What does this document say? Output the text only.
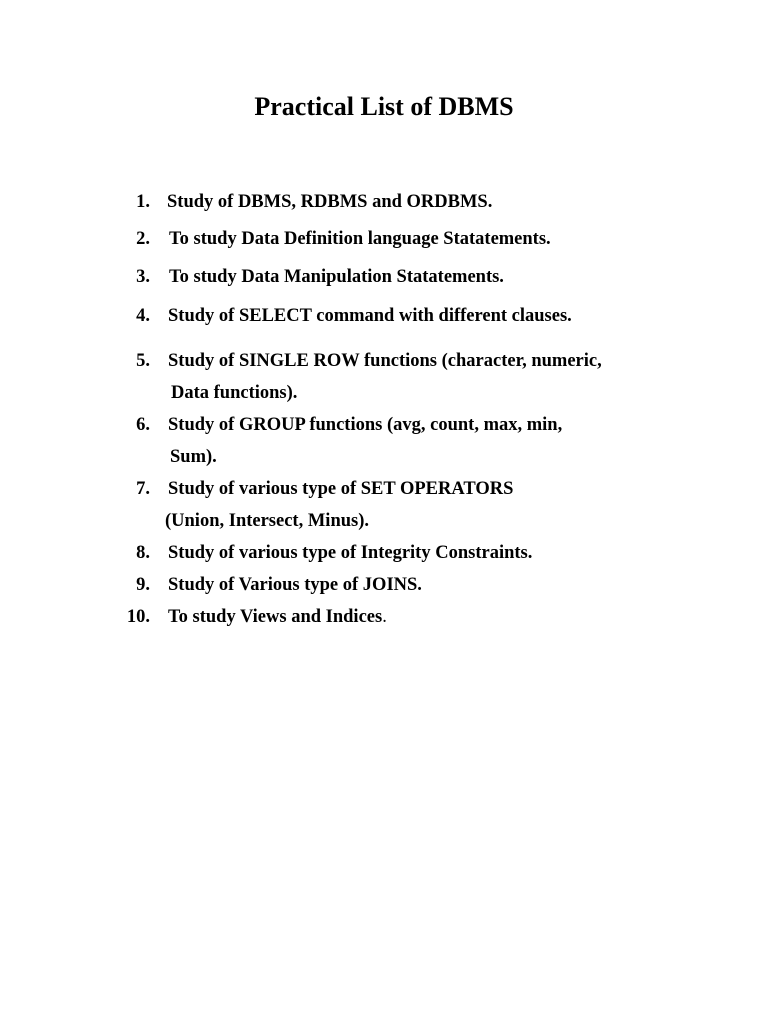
Practical List of DBMS
1. Study of DBMS, RDBMS and ORDBMS.
2. To study Data Definition language Statatements.
3. To study Data Manipulation Statatements.
4. Study of SELECT command with different clauses.
5. Study of SINGLE ROW functions (character, numeric,
Data functions).
6. Study of GROUP functions (avg, count, max, min,
Sum).
7. Study of various type of SET OPERATORS
(Union, Intersect, Minus).
8. Study of various type of Integrity Constraints.
9. Study of Various type of JOINS.
10. To study Views and Indices.
